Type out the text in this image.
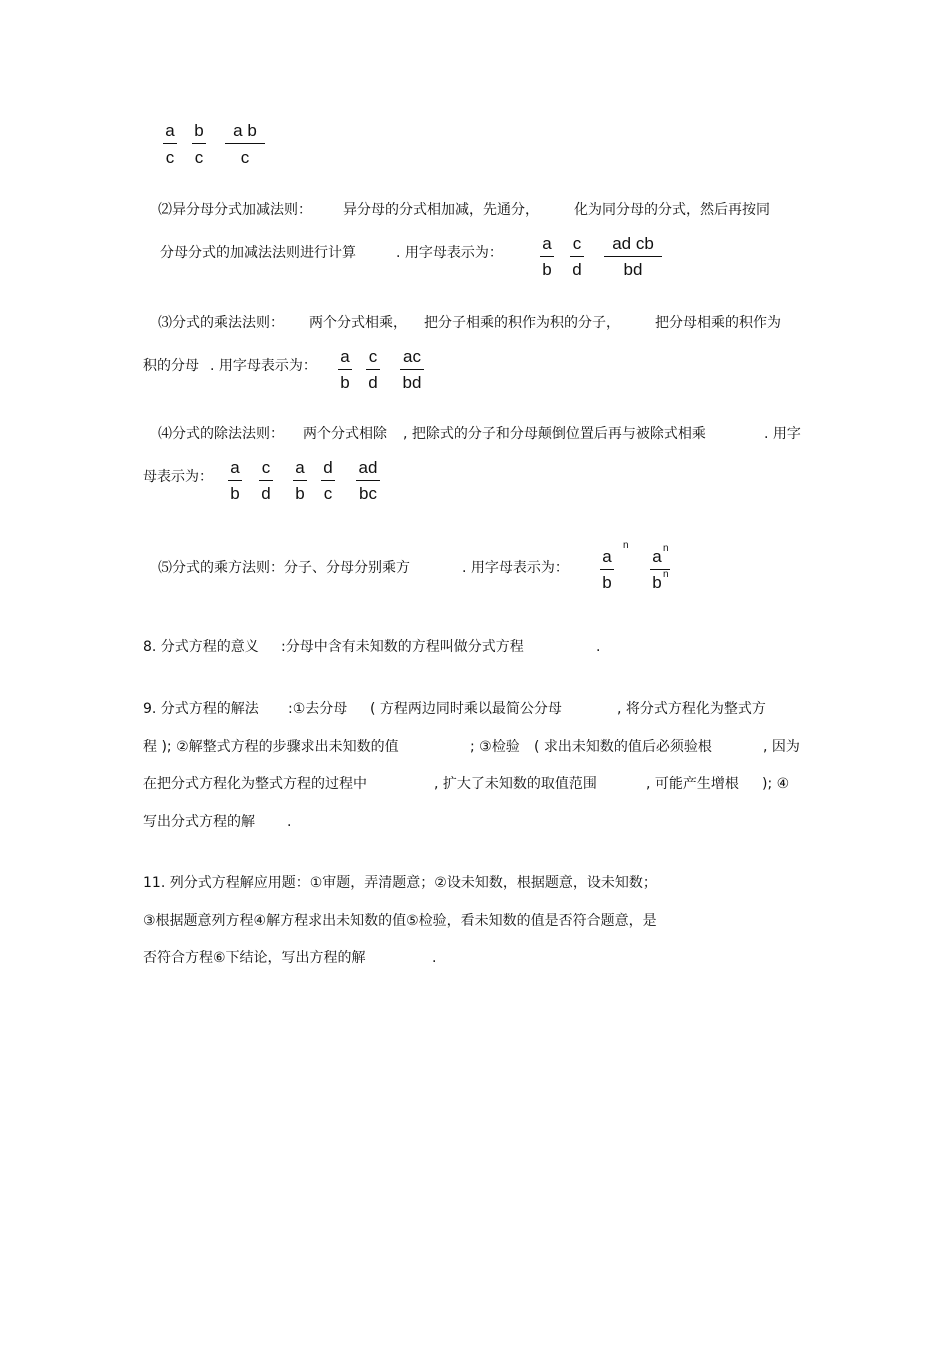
a
c
b
c
a b
c
⑵异分母分式加减法则： 异分母的分式相加减，先通分，	化为同分母的分式，然后再按同
分母分式的加减法法则进行计算	. 用字母表示为： a
b
c
d
ad cb
bd
⑶分式的乘法法则： 两个分式相乘， 把分子相乘的积作为积的分子，	把分母相乘的积作为
积的分母 . 用字母表示为： a
b
c
d
ac
bd
⑷分式的除法法则： 两个分式相除 , 把除式的分子和分母颠倒位置后再与被除式相乘	. 用字
母表示为： a
b
c
d
a
b
d
c
ad
bc
⑸分式的乘方法则：分子、分母分别乘方	. 用字母表示为：
a
b
n
a n
b n
8. 分式方程的意义 :分母中含有未知数的方程叫做分式方程	.
9. 分式方程的解法 :①去分母 ( 方程两边同时乘以最简公分母	, 将分式方程化为整式方
程 ); ②解整式方程的步骤求出未知数的值	; ③检验 ( 求出未知数的值后必须验根	, 因为
在把分式方程化为整式方程的过程中	, 扩大了未知数的取值范围	, 可能产生增根 ); ④
写出分式方程的解 .
11. 列分式方程解应用题：①审题，弄清题意；②设未知数，根据题意，设未知数；
③根据题意列方程④解方程求出未知数的值⑤检验，看未知数的值是否符合题意，是
否符合方程⑥下结论，写出方程的解	.
